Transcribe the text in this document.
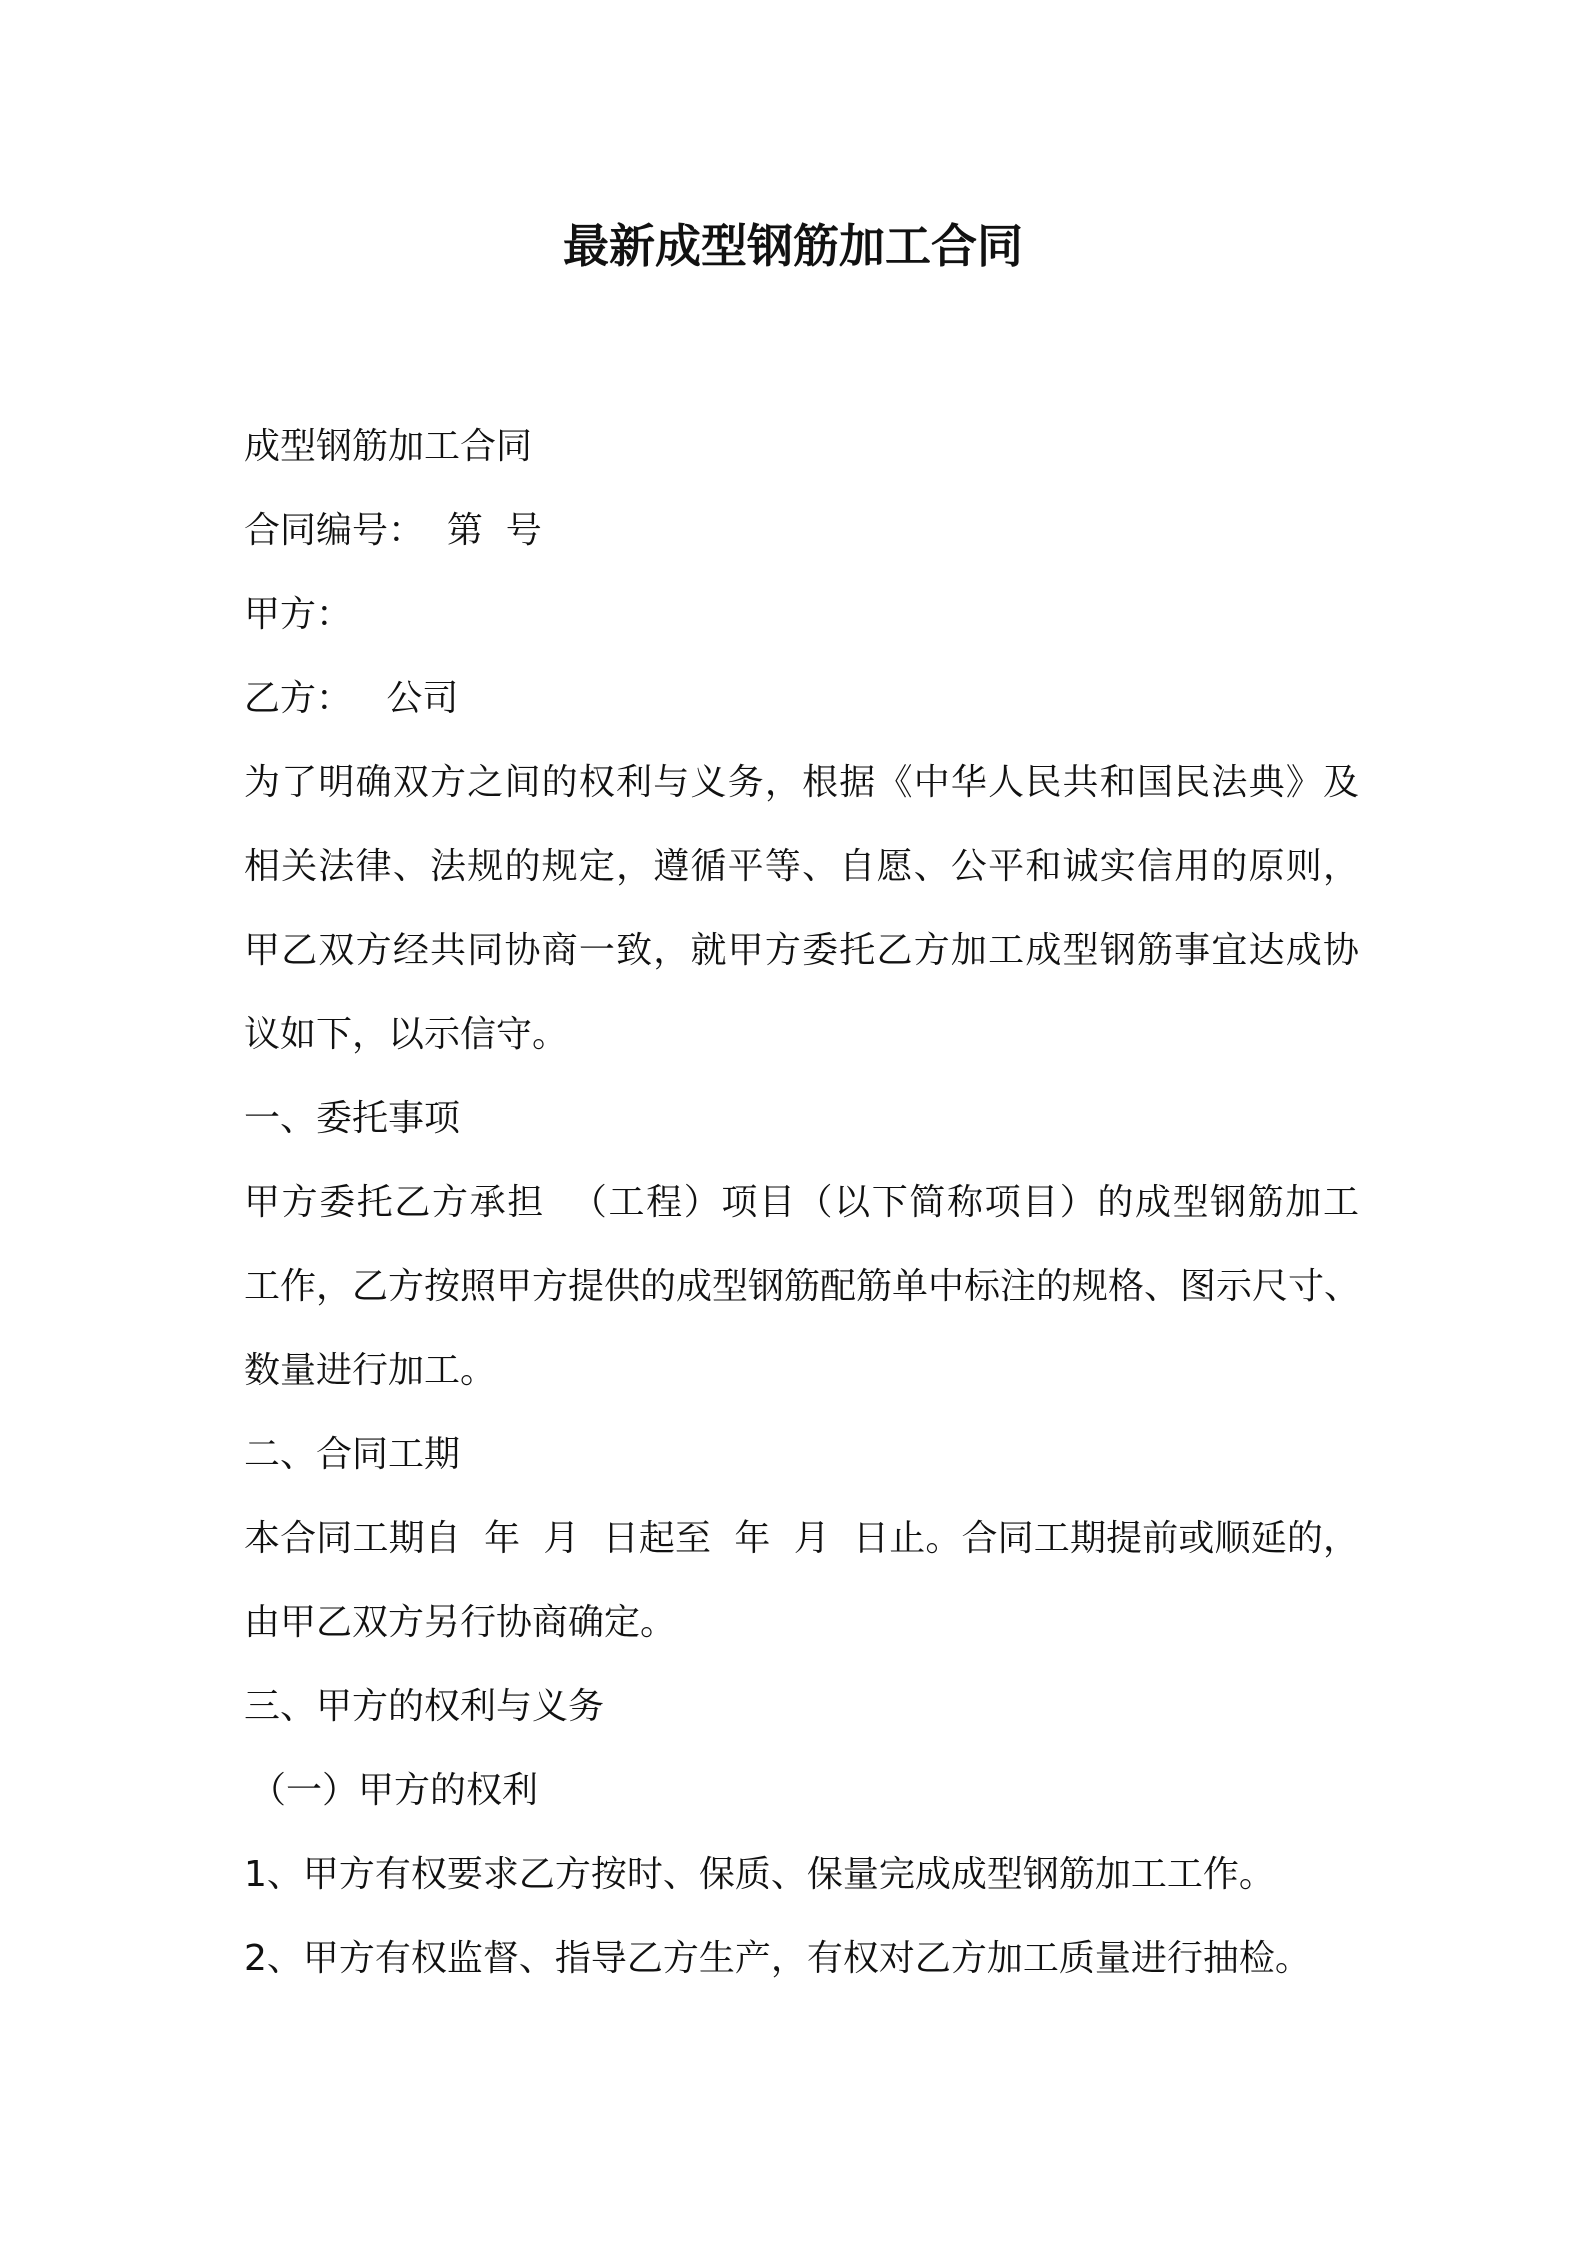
最新成型钢筋加工合同
成型钢筋加工合同
合同编号：  第  号
甲方：
乙方：   公司
为了明确双方之间的权利与义务，根据《中华人民共和国民法典》及
相关法律、法规的规定，遵循平等、自愿、公平和诚实信用的原则，
甲乙双方经共同协商一致，就甲方委托乙方加工成型钢筋事宜达成协
议如下，以示信守。
一、委托事项
甲方委托乙方承担  （工程）项目（以下简称项目）的成型钢筋加工
工作，乙方按照甲方提供的成型钢筋配筋单中标注的规格、图示尺寸、
数量进行加工。
二、合同工期
本合同工期自  年  月  日起至  年  月  日止。合同工期提前或顺延的，
由甲乙双方另行协商确定。
三、甲方的权利与义务
（一）甲方的权利
1、甲方有权要求乙方按时、保质、保量完成成型钢筋加工工作。
2、甲方有权监督、指导乙方生产，有权对乙方加工质量进行抽检。
